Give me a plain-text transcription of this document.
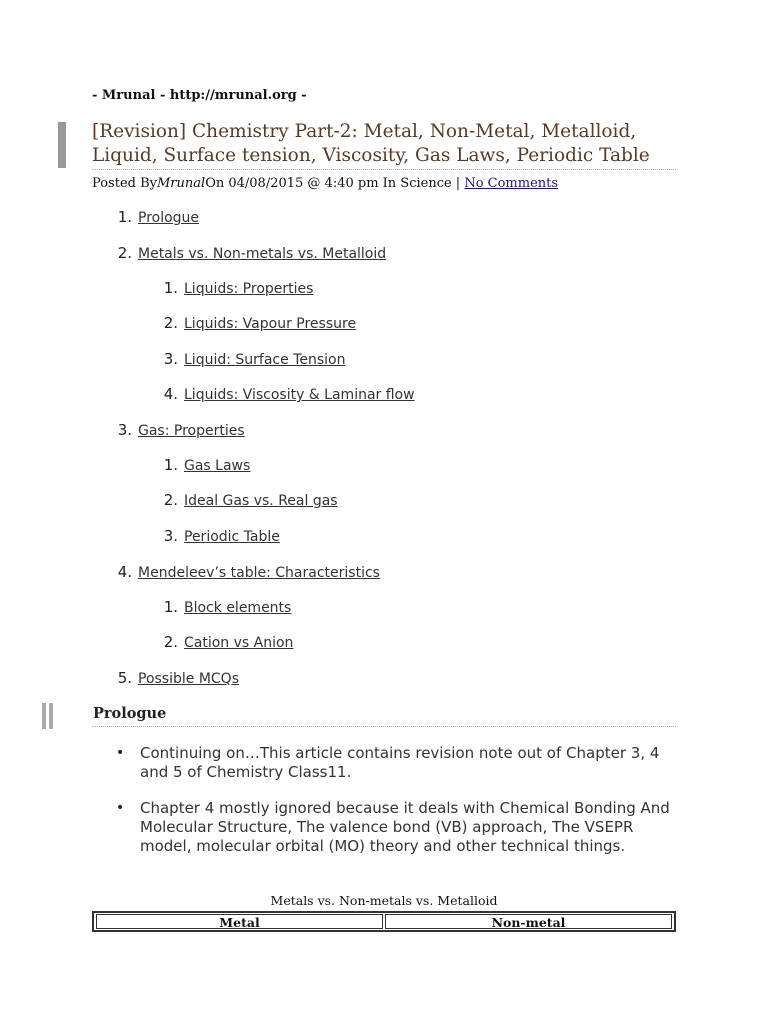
- Mrunal - http://mrunal.org -
[Revision] Chemistry Part-2: Metal, Non-Metal, Metalloid, Liquid, Surface tension, Viscosity, Gas Laws, Periodic Table
Posted ByMrunalOn 04/08/2015 @ 4:40 pm In Science | No Comments
1. Prologue
2. Metals vs. Non-metals vs. Metalloid
1. Liquids: Properties
2. Liquids: Vapour Pressure
3. Liquid: Surface Tension
4. Liquids: Viscosity & Laminar flow
3. Gas: Properties
1. Gas Laws
2. Ideal Gas vs. Real gas
3. Periodic Table
4. Mendeleev’s table: Characteristics
1. Block elements
2. Cation vs Anion
5. Possible MCQs
Prologue
• Continuing on…This article contains revision note out of Chapter 3, 4 and 5 of Chemistry Class11.
• Chapter 4 mostly ignored because it deals with Chemical Bonding And Molecular Structure, The valence bond (VB) approach, The VSEPR model, molecular orbital (MO) theory and other technical things.
Metals vs. Non-metals vs. Metalloid
Metal	Non-metal
